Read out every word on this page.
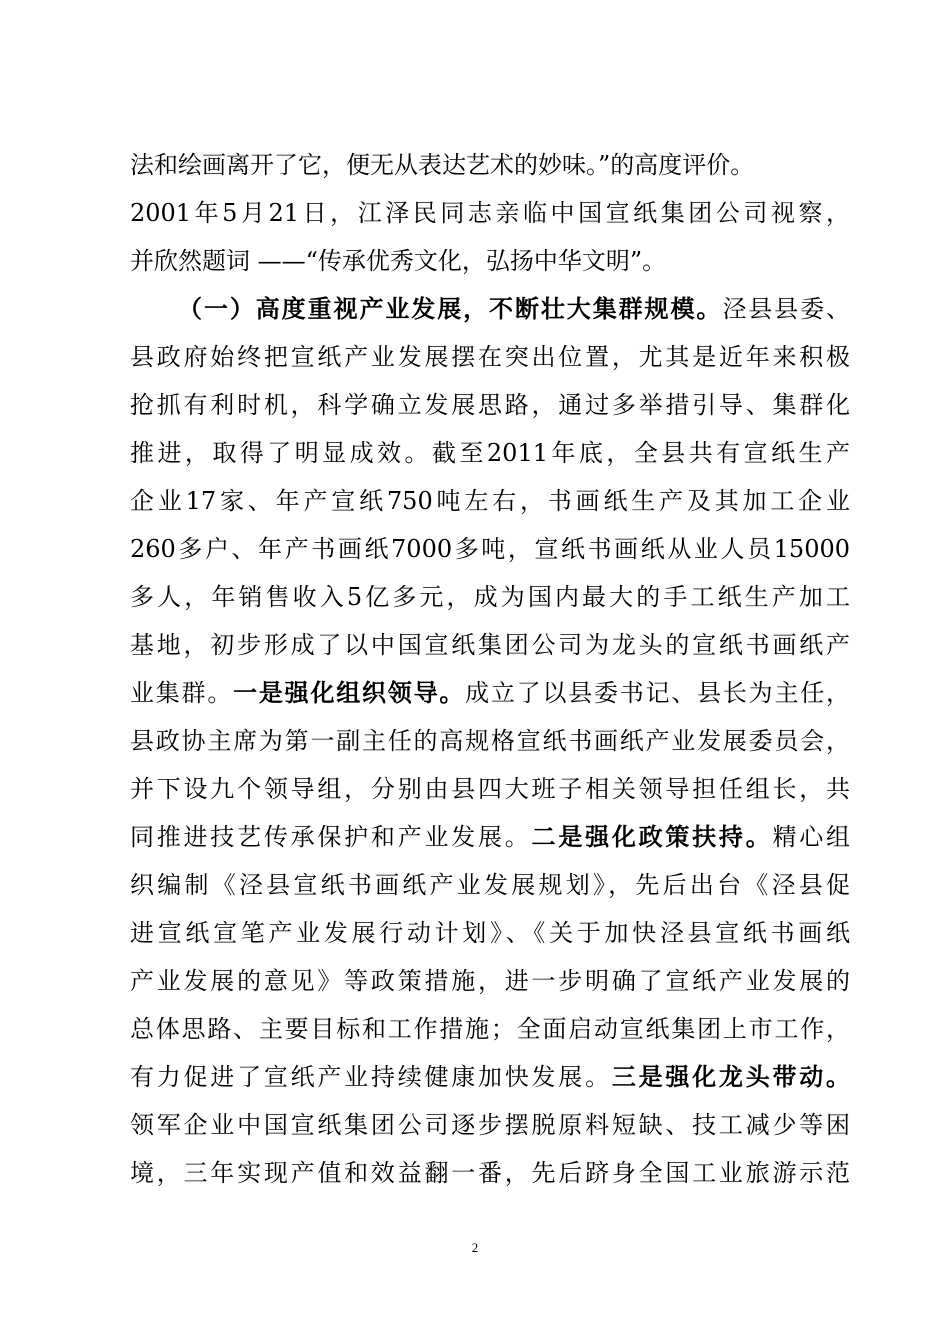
法和绘画离开了它，便无从表达艺术的妙味。”的高度评价。
2001年5月21日，江泽民同志亲临中国宣纸集团公司视察，
并欣然题词 ——“传承优秀文化，弘扬中华文明”。
（一）高度重视产业发展，不断壮大集群规模。泾县县委、
县政府始终把宣纸产业发展摆在突出位置，尤其是近年来积极
抢抓有利时机，科学确立发展思路，通过多举措引导、集群化
推进，取得了明显成效。截至2011年底，全县共有宣纸生产
企业17家、年产宣纸750吨左右，书画纸生产及其加工企业
260多户、年产书画纸7000多吨，宣纸书画纸从业人员15000
多人，年销售收入5亿多元，成为国内最大的手工纸生产加工
基地，初步形成了以中国宣纸集团公司为龙头的宣纸书画纸产
业集群。一是强化组织领导。成立了以县委书记、县长为主任，
县政协主席为第一副主任的高规格宣纸书画纸产业发展委员会，
并下设九个领导组，分别由县四大班子相关领导担任组长，共
同推进技艺传承保护和产业发展。二是强化政策扶持。精心组
织编制《泾县宣纸书画纸产业发展规划》，先后出台《泾县促
进宣纸宣笔产业发展行动计划》、《关于加快泾县宣纸书画纸
产业发展的意见》等政策措施，进一步明确了宣纸产业发展的
总体思路、主要目标和工作措施；全面启动宣纸集团上市工作，
有力促进了宣纸产业持续健康加快发展。三是强化龙头带动。
领军企业中国宣纸集团公司逐步摆脱原料短缺、技工减少等困
境，三年实现产值和效益翻一番，先后跻身全国工业旅游示范
2
